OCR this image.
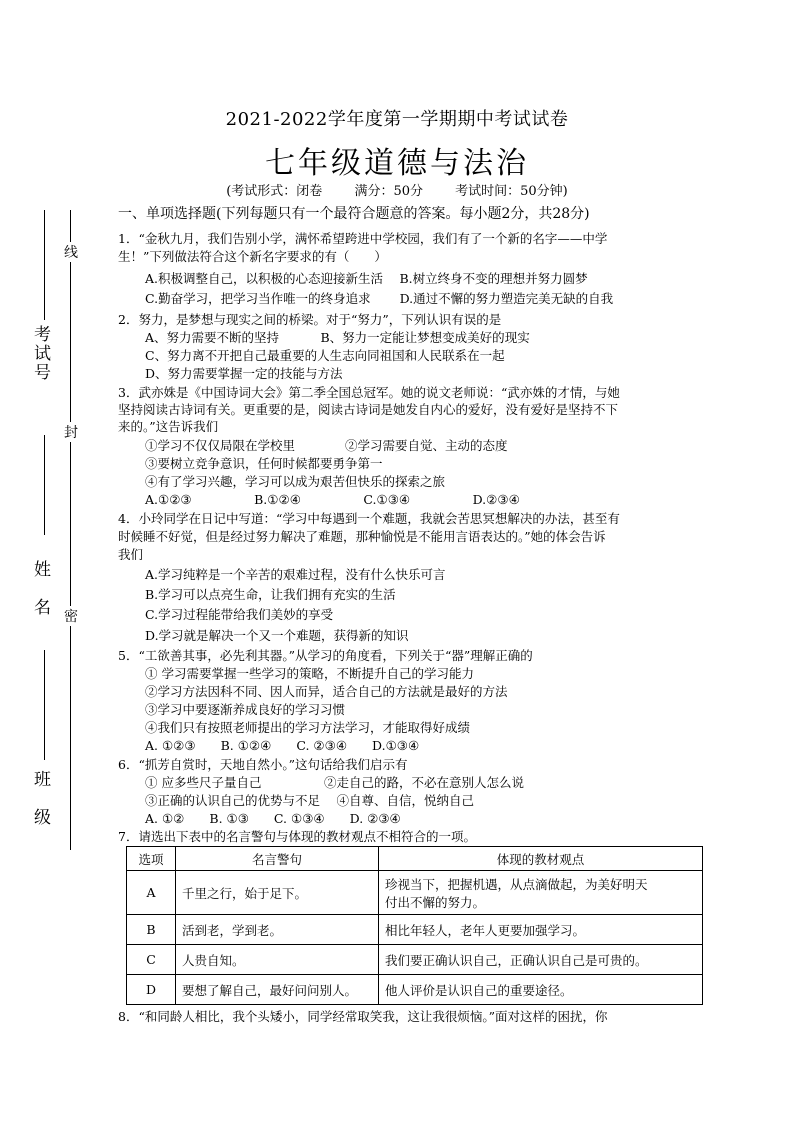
考试号
姓　名
班　级
线
封
密
2021-2022学年度第一学期期中考试试卷
七年级道德与法治
(考试形式：闭卷 满分：50分 考试时间：50分钟)
一、单项选择题(下列每题只有一个最符合题意的答案。每小题2分，共28分)
1．“金秋九月，我们告别小学，满怀希望跨进中学校园，我们有了一个新的名字——中学
生！”下列做法符合这个新名字要求的有（　　）
A.积极调整自己，以积极的心态迎接新生活　 B.树立终身不变的理想并努力圆梦
C.勤奋学习，把学习当作唯一的终身追求　　 D.通过不懈的努力塑造完美无缺的自我
2．努力，是梦想与现实之间的桥梁。对于“努力”，下列认识有误的是
A、努力需要不断的坚持　　　 B、努力一定能让梦想变成美好的现实
C、努力离不开把自己最重要的人生志向同祖国和人民联系在一起
D、努力需要掌握一定的技能与方法
3．武亦姝是《中国诗词大会》第二季全国总冠军。她的说文老师说：“武亦姝的才情，与她
坚持阅读古诗词有关。更重要的是，阅读古诗词是她发自内心的爱好，没有爱好是坚持不下
来的。”这告诉我们
①学习不仅仅局限在学校里　　　　②学习需要自觉、主动的态度
③要树立竞争意识，任何时候都要勇争第一
④有了学习兴趣，学习可以成为艰苦但快乐的探索之旅
A.①②③　　　　　B.①②④　　　　　C.①③④　　　　　D.②③④
4．小玲同学在日记中写道：“学习中每遇到一个难题，我就会苦思冥想解决的办法，甚至有
时候睡不好觉，但是经过努力解决了难题，那种愉悦是不能用言语表达的。”她的体会告诉
我们
A.学习纯粹是一个辛苦的艰难过程，没有什么快乐可言
B.学习可以点亮生命，让我们拥有充实的生活
C.学习过程能带给我们美妙的享受
D.学习就是解决一个又一个难题，获得新的知识
5．“工欲善其事，必先利其器。”从学习的角度看，下列关于“器”理解正确的
① 学习需要掌握一些学习的策略，不断提升自己的学习能力
②学习方法因科不同、因人而异，适合自己的方法就是最好的方法
③学习中要逐渐养成良好的学习习惯
④我们只有按照老师提出的学习方法学习，才能取得好成绩
A. ①②③　　B. ①②④　　C. ②③④　　D.①③④
6．“抓芳自赏时，天地自然小。”这句话给我们启示有
① 应多些尺子量自己　　　　　②走自己的路，不必在意别人怎么说
③正确的认识自己的优势与不足　 ④自尊、自信，悦纳自己
A. ①②　　B. ①③　　C. ①③④　　D. ②③④
7．请选出下表中的名言警句与体现的教材观点不相符合的一项。
选项	名言警句	体现的教材观点
A	千里之行，始于足下。	珍视当下，把握机遇，从点滴做起，为美好明天
付出不懈的努力。

B	活到老，学到老。	相比年轻人，老年人更要加强学习。
C	人贵自知。	我们要正确认识自己，正确认识自己是可贵的。
D	要想了解自己，最好问问别人。	他人评价是认识自己的重要途径。
8．“和同龄人相比，我个头矮小，同学经常取笑我，这让我很烦恼。”面对这样的困扰，你
